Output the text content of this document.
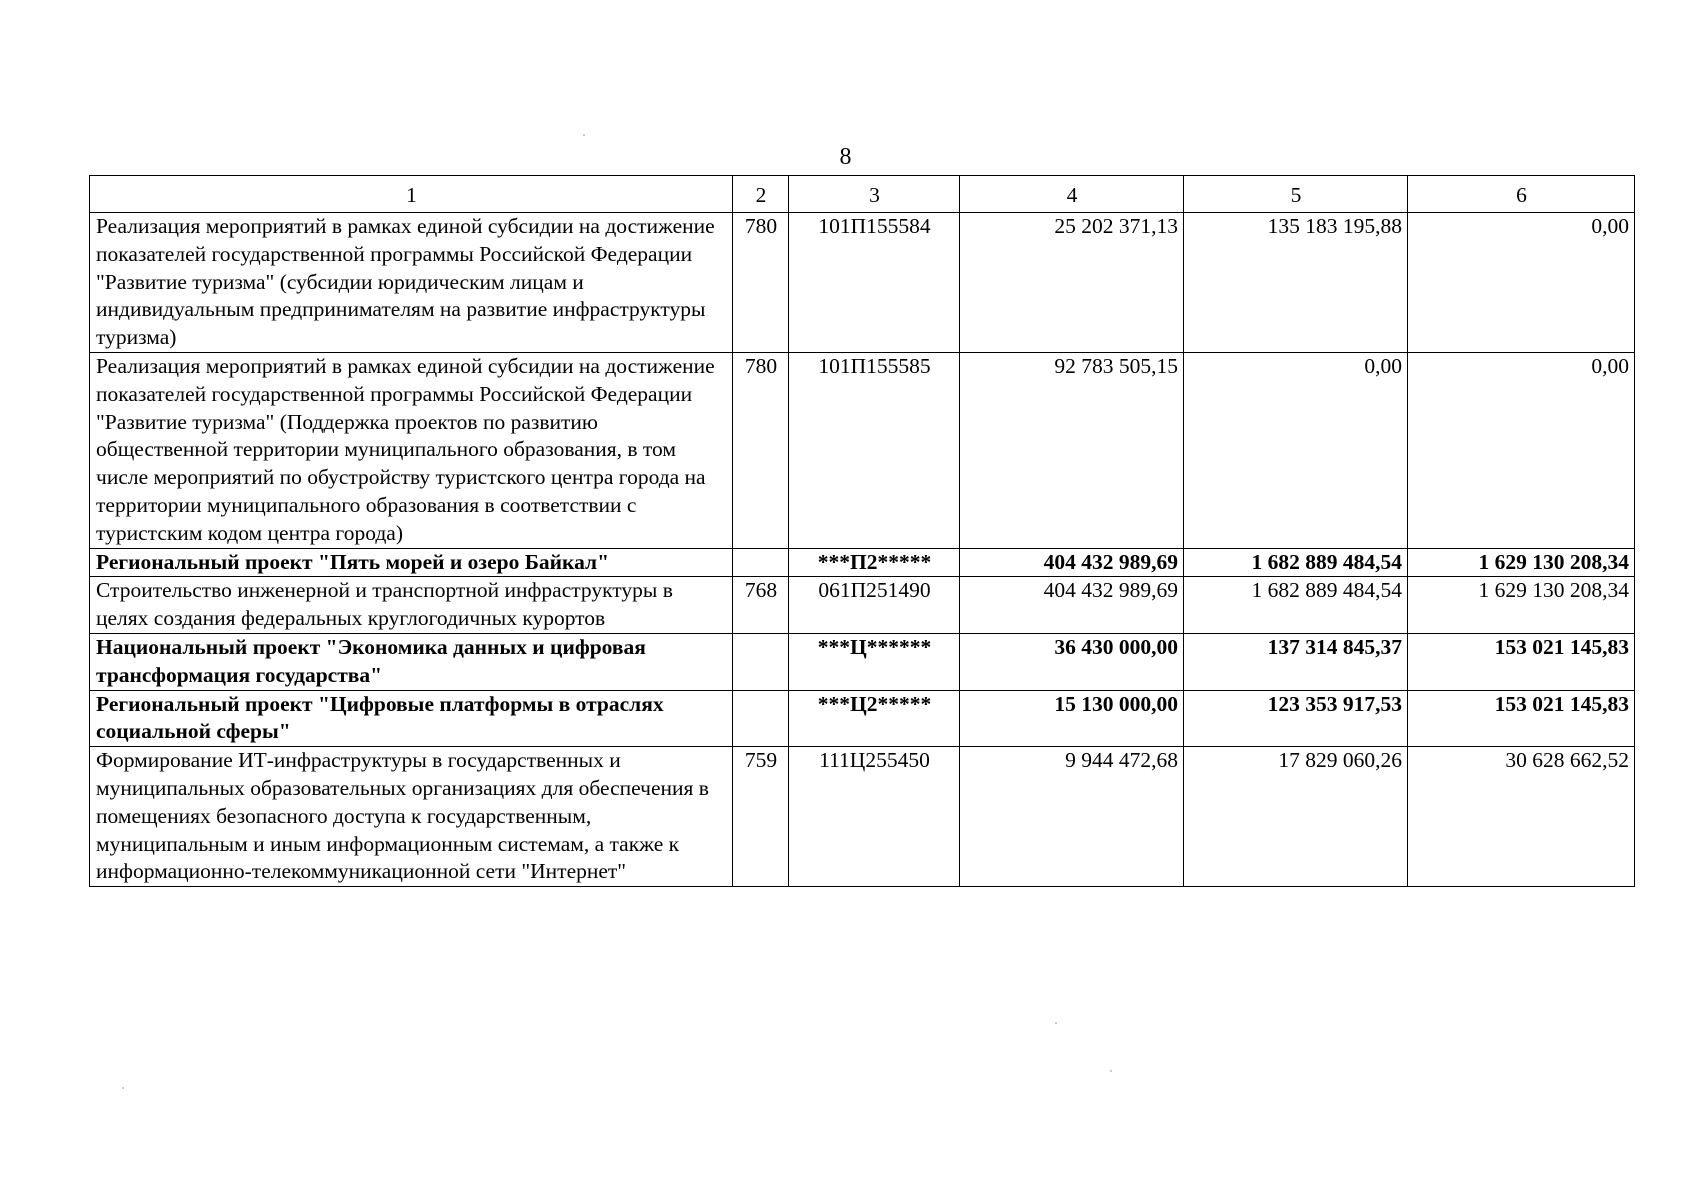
8
1	2	3	4	5	6
Реализация мероприятий в рамках единой субсидии на достижение показателей государственной программы Российской Федерации "Развитие туризма" (субсидии юридическим лицам и индивидуальным предпринимателям на развитие инфраструктуры туризма)	780	101П155584	25 202 371,13	135 183 195,88	0,00
Реализация мероприятий в рамках единой субсидии на достижение показателей государственной программы Российской Федерации "Развитие туризма" (Поддержка проектов по развитию общественной территории муниципального образования, в том числе мероприятий по обустройству туристского центра города на территории муниципального образования в соответствии с туристским кодом центра города)	780	101П155585	92 783 505,15	0,00	0,00
Региональный проект "Пять морей и озеро Байкал"		***П2*****	404 432 989,69	1 682 889 484,54	1 629 130 208,34
Строительство инженерной и транспортной инфраструктуры в целях создания федеральных круглогодичных курортов	768	061П251490	404 432 989,69	1 682 889 484,54	1 629 130 208,34
Национальный проект "Экономика данных и цифровая трансформация государства"		***Ц******	36 430 000,00	137 314 845,37	153 021 145,83
Региональный проект "Цифровые платформы в отраслях социальной сферы"		***Ц2*****	15 130 000,00	123 353 917,53	153 021 145,83
Формирование ИТ-инфраструктуры в государственных и муниципальных образовательных организациях для обеспечения в помещениях безопасного доступа к государственным, муниципальным и иным информационным системам, а также к информационно-телекоммуникационной сети "Интернет"	759	111Ц255450	9 944 472,68	17 829 060,26	30 628 662,52
